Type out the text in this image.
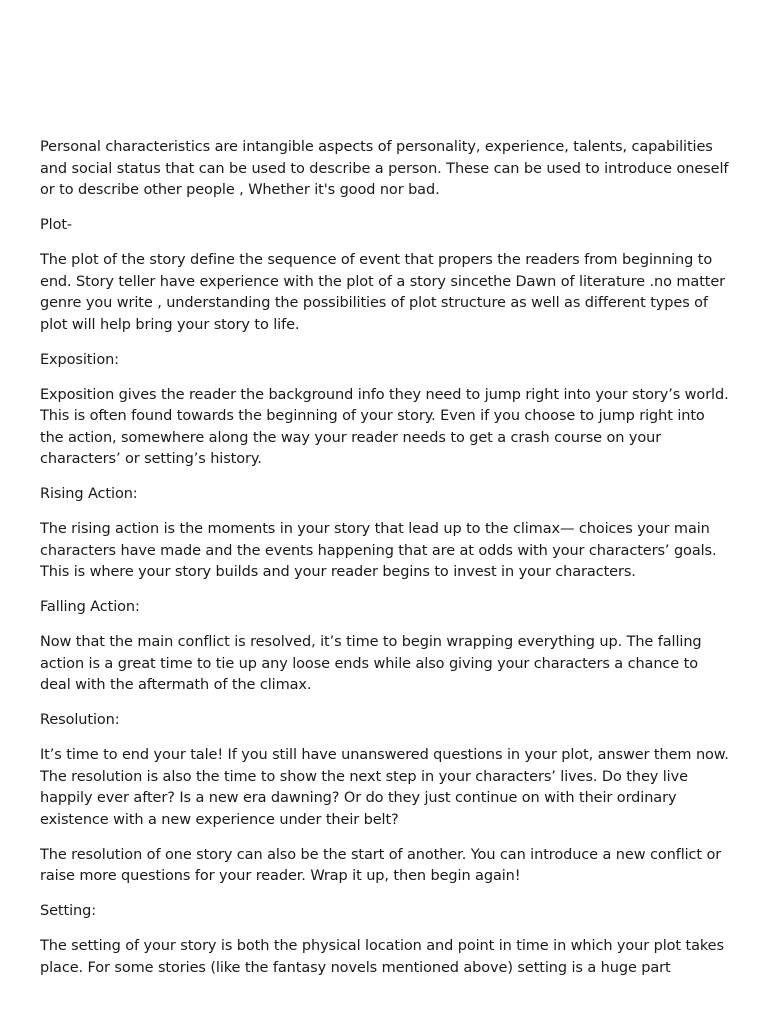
Personal characteristics are intangible aspects of personality, experience, talents, capabilities and social status that can be used to describe a person. These can be used to introduce oneself or to describe other people , Whether it's good nor bad.

Plot-

The plot of the story define the sequence of event that propers the readers from beginning to end. Story teller have experience with the plot of a story sincethe Dawn of literature .no matter genre you write , understanding the possibilities of plot structure as well as different types of plot will help bring your story to life.

Exposition:

Exposition gives the reader the background info they need to jump right into your story’s world. This is often found towards the beginning of your story. Even if you choose to jump right into the action, somewhere along the way your reader needs to get a crash course on your characters’ or setting’s history.

Rising Action:

The rising action is the moments in your story that lead up to the climax— choices your main characters have made and the events happening that are at odds with your characters’ goals. This is where your story builds and your reader begins to invest in your characters.

Falling Action:

Now that the main conflict is resolved, it’s time to begin wrapping everything up. The falling action is a great time to tie up any loose ends while also giving your characters a chance to deal with the aftermath of the climax.

Resolution:

It’s time to end your tale! If you still have unanswered questions in your plot, answer them now. The resolution is also the time to show the next step in your characters’ lives. Do they live happily ever after? Is a new era dawning? Or do they just continue on with their ordinary existence with a new experience under their belt?

The resolution of one story can also be the start of another. You can introduce a new conflict or raise more questions for your reader. Wrap it up, then begin again!

Setting:

The setting of your story is both the physical location and point in time in which your plot takes place. For some stories (like the fantasy novels mentioned above) setting is a huge part
